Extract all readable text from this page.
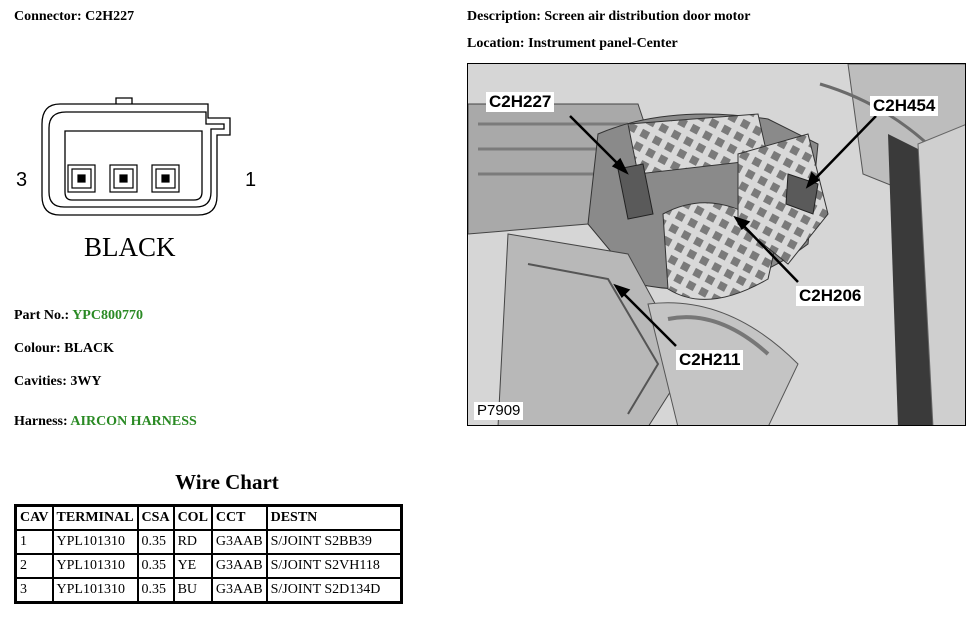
Connector: C2H227	Description: Screen air distribution door motor
Location: Instrument panel-Center
3	1
BLACK
Part No.: YPC800770
Colour: BLACK
Cavities: 3WY
Harness: AIRCON HARNESS
C2H227	C2H454
C2H206
C2H211
P7909
Wire Chart
CAV	TERMINAL	CSA	COL	CCT	DESTN
1	YPL101310	0.35	RD	G3AAB	S/JOINT S2BB39
2	YPL101310	0.35	YE	G3AAB	S/JOINT S2VH118
3	YPL101310	0.35	BU	G3AAB	S/JOINT S2D134D
